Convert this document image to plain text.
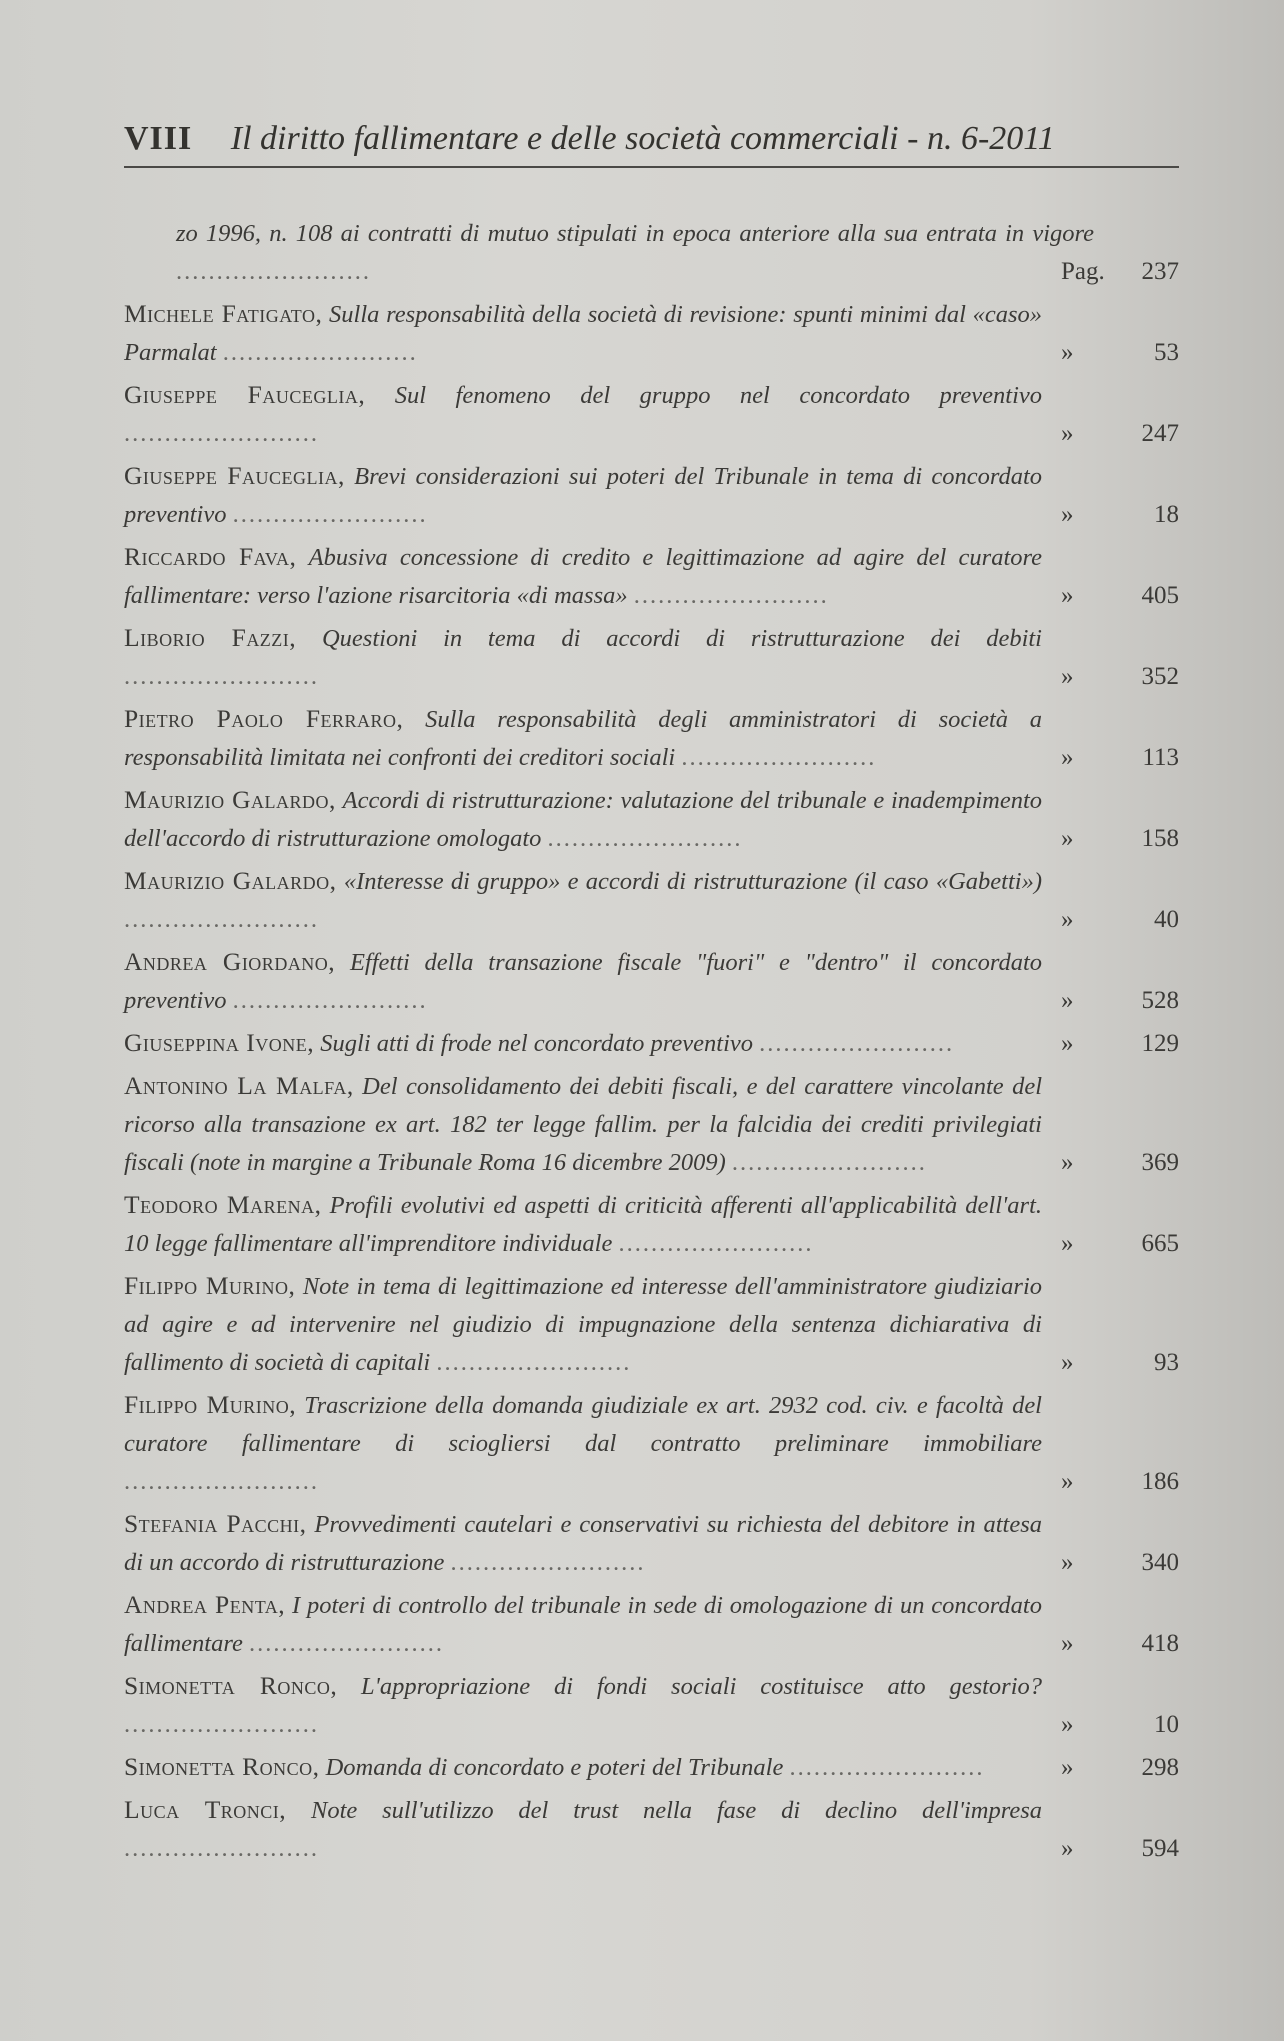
VIII Il diritto fallimentare e delle società commerciali - n. 6-2011
zo 1996, n. 108 ai contratti di mutuo stipulati in epoca anteriore alla sua entrata in vigore ........................	Pag. 237
Michele Fatigato, Sulla responsabilità della società di revisione: spunti minimi dal «caso» Parmalat ........................	»	53
Giuseppe Fauceglia, Sul fenomeno del gruppo nel concordato preventivo ........................	»	247
Giuseppe Fauceglia, Brevi considerazioni sui poteri del Tribunale in tema di concordato preventivo ........................	»	18
Riccardo Fava, Abusiva concessione di credito e legittimazione ad agire del curatore fallimentare: verso l'azione risarcitoria «di massa» ........................	»	405
Liborio Fazzi, Questioni in tema di accordi di ristrutturazione dei debiti ........................	»	352
Pietro Paolo Ferraro, Sulla responsabilità degli amministratori di società a responsabilità limitata nei confronti dei creditori sociali ........................	»	113
Maurizio Galardo, Accordi di ristrutturazione: valutazione del tribunale e inadempimento dell'accordo di ristrutturazione omologato ........................	»	158
Maurizio Galardo, «Interesse di gruppo» e accordi di ristrutturazione (il caso «Gabetti») ........................	»	40
Andrea Giordano, Effetti della transazione fiscale "fuori" e "dentro" il concordato preventivo ........................	»	528
Giuseppina Ivone, Sugli atti di frode nel concordato preventivo ........................	»	129
Antonino La Malfa, Del consolidamento dei debiti fiscali, e del carattere vincolante del ricorso alla transazione ex art. 182 ter legge fallim. per la falcidia dei crediti privilegiati fiscali (note in margine a Tribunale Roma 16 dicembre 2009) ........................	»	369
Teodoro Marena, Profili evolutivi ed aspetti di criticità afferenti all'applicabilità dell'art. 10 legge fallimentare all'imprenditore individuale ........................	»	665
Filippo Murino, Note in tema di legittimazione ed interesse dell'amministratore giudiziario ad agire e ad intervenire nel giudizio di impugnazione della sentenza dichiarativa di fallimento di società di capitali ........................	»	93
Filippo Murino, Trascrizione della domanda giudiziale ex art. 2932 cod. civ. e facoltà del curatore fallimentare di sciogliersi dal contratto preliminare immobiliare ........................	»	186
Stefania Pacchi, Provvedimenti cautelari e conservativi su richiesta del debitore in attesa di un accordo di ristrutturazione ........................	»	340
Andrea Penta, I poteri di controllo del tribunale in sede di omologazione di un concordato fallimentare ........................	»	418
Simonetta Ronco, L'appropriazione di fondi sociali costituisce atto gestorio? ........................	»	10
Simonetta Ronco, Domanda di concordato e poteri del Tribunale ........................	»	298
Luca Tronci, Note sull'utilizzo del trust nella fase di declino dell'impresa ........................	»	594
